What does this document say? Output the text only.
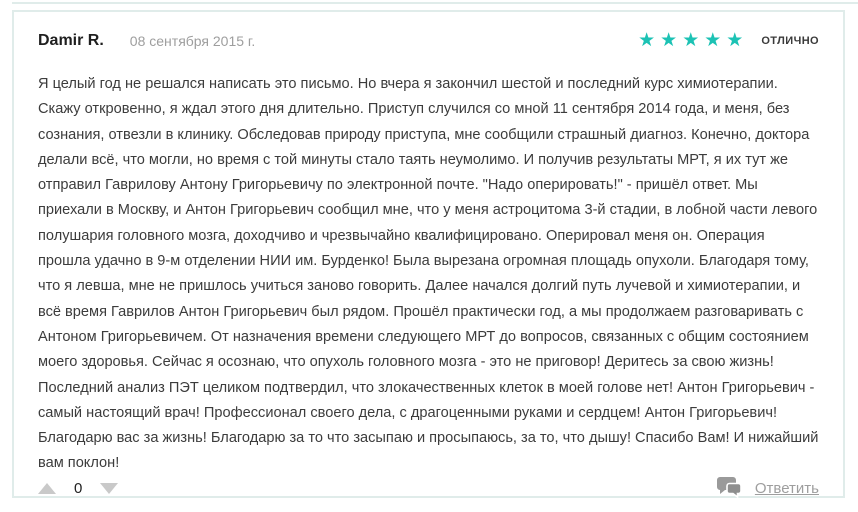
Damir R. 08 сентября 2015 г.	★ ★ ★ ★ ★ ОТЛИЧНО
Я целый год не решался написать это письмо. Но вчера я закончил шестой и последний курс химиотерапии. Скажу откровенно, я ждал этого дня длительно. Приступ случился со мной 11 сентября 2014 года, и меня, без сознания, отвезли в клинику. Обследовав природу приступа, мне сообщили страшный диагноз. Конечно, доктора делали всё, что могли, но время с той минуты стало таять неумолимо. И получив результаты МРТ, я их тут же отправил Гаврилову Антону Григорьевичу по электронной почте. "Надо оперировать!" - пришёл ответ. Мы приехали в Москву, и Антон Григорьевич сообщил мне, что у меня астроцитома 3-й стадии, в лобной части левого полушария головного мозга, доходчиво и чрезвычайно квалифицировано. Оперировал меня он. Операция прошла удачно в 9-м отделении НИИ им. Бурденко! Была вырезана огромная площадь опухоли. Благодаря тому, что я левша, мне не пришлось учиться заново говорить. Далее начался долгий путь лучевой и химиотерапии, и всё время Гаврилов Антон Григорьевич был рядом. Прошёл практически год, а мы продолжаем разговаривать с Антоном Григорьевичем. От назначения времени следующего МРТ до вопросов, связанных с общим состоянием моего здоровья. Сейчас я осознаю, что опухоль головного мозга - это не приговор! Деритесь за свою жизнь! Последний анализ ПЭТ целиком подтвердил, что злокачественных клеток в моей голове нет! Антон Григорьевич - самый настоящий врач! Профессионал своего дела, с драгоценными руками и сердцем! Антон Григорьевич! Благодарю вас за жизнь! Благодарю за то что засыпаю и просыпаюсь, за то, что дышу! Спасибо Вам! И нижайший вам поклон!
0	Ответить
